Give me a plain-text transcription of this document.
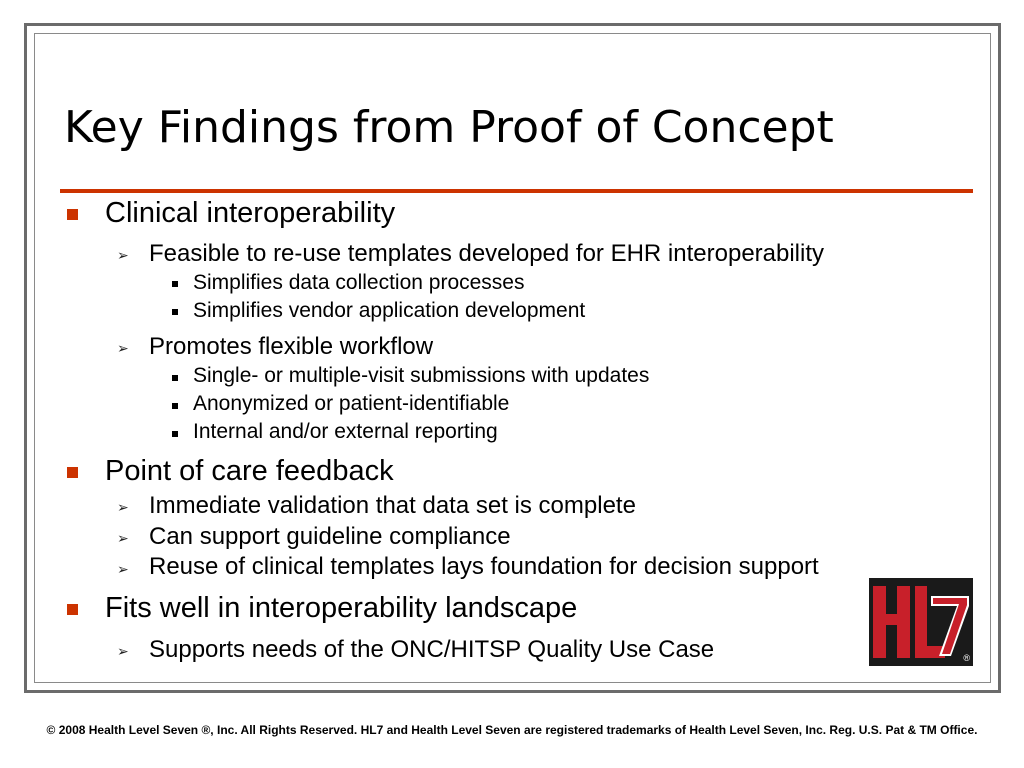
Key Findings from Proof of Concept
Clinical interoperability
➢ Feasible to re-use templates developed for EHR interoperability
Simplifies data collection processes
Simplifies vendor application development
➢ Promotes flexible workflow
Single- or multiple-visit submissions with updates
Anonymized or patient-identifiable
Internal and/or external reporting
Point of care feedback
➢ Immediate validation that data set is complete
➢ Can support guideline compliance
➢ Reuse of clinical templates lays foundation for decision support
Fits well in interoperability landscape
➢ Supports needs of the ONC/HITSP Quality Use Case	®
© 2008 Health Level Seven ®, Inc. All Rights Reserved. HL7 and Health Level Seven are registered trademarks of Health Level Seven, Inc. Reg. U.S. Pat & TM Office.
